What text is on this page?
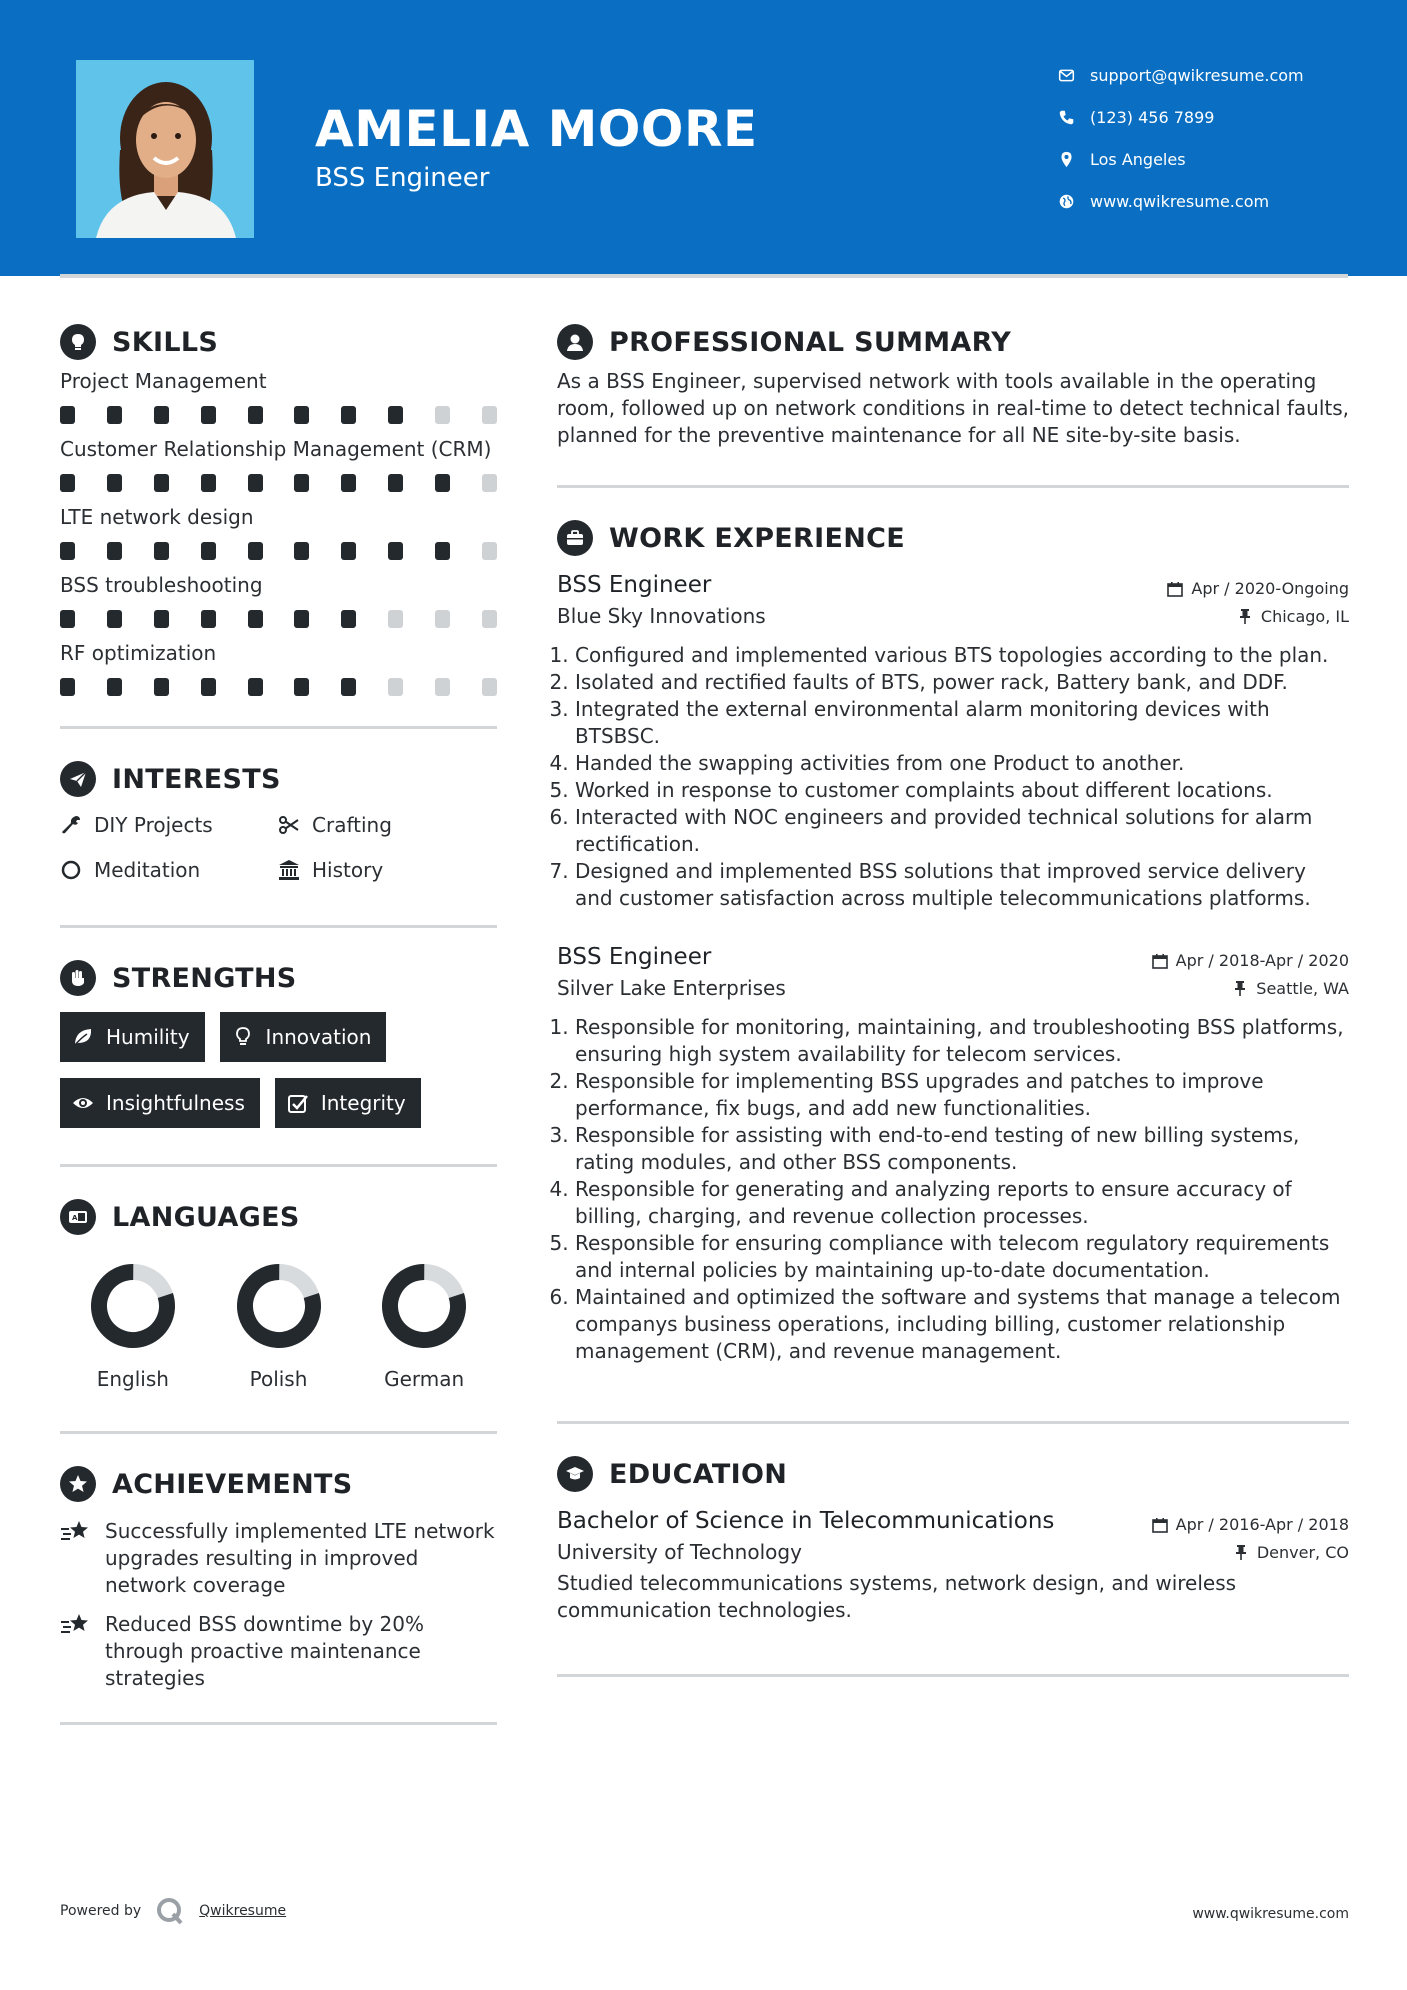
AMELIA MOORE
BSS Engineer
support@qwikresume.com
(123) 456 7899
Los Angeles
www.qwikresume.com
SKILLS
Project Management
Customer Relationship Management (CRM)
LTE network design
BSS troubleshooting
RF optimization
INTERESTS
DIY Projects	Crafting
Meditation	History
STRENGTHS
Humility	Innovation
Insightfulness	Integrity
A LANGUAGES
English	Polish	German
ACHIEVEMENTS
Successfully implemented LTE network upgrades resulting in improved network coverage
Reduced BSS downtime by 20% through proactive maintenance strategies
PROFESSIONAL SUMMARY

As a BSS Engineer, supervised network with tools available in the operating room, followed up on network conditions in real-time to detect technical faults, planned for the preventive maintenance for all NE site-by-site basis.

WORK EXPERIENCE
BSS Engineer	Apr / 2020-Ongoing
Blue Sky Innovations	Chicago, IL
1. Configured and implemented various BTS topologies according to the plan.
2. Isolated and rectified faults of BTS, power rack, Battery bank, and DDF.
3. Integrated the external environmental alarm monitoring devices with BTSBSC.
4. Handed the swapping activities from one Product to another.
5. Worked in response to customer complaints about different locations.
6. Interacted with NOC engineers and provided technical solutions for alarm rectification.
7. Designed and implemented BSS solutions that improved service delivery and customer satisfaction across multiple telecommunications platforms.
BSS Engineer	Apr / 2018-Apr / 2020
Silver Lake Enterprises	Seattle, WA
1. Responsible for monitoring, maintaining, and troubleshooting BSS platforms, ensuring high system availability for telecom services.
2. Responsible for implementing BSS upgrades and patches to improve performance, fix bugs, and add new functionalities.
3. Responsible for assisting with end-to-end testing of new billing systems, rating modules, and other BSS components.
4. Responsible for generating and analyzing reports to ensure accuracy of billing, charging, and revenue collection processes.
5. Responsible for ensuring compliance with telecom regulatory requirements and internal policies by maintaining up-to-date documentation.
6. Maintained and optimized the software and systems that manage a telecom companys business operations, including billing, customer relationship management (CRM), and revenue management.
EDUCATION
Bachelor of Science in Telecommunications	Apr / 2016-Apr / 2018
University of Technology	Denver, CO

Studied telecommunications systems, network design, and wireless communication technologies.

Powered by	Qwikresume	www.qwikresume.com
